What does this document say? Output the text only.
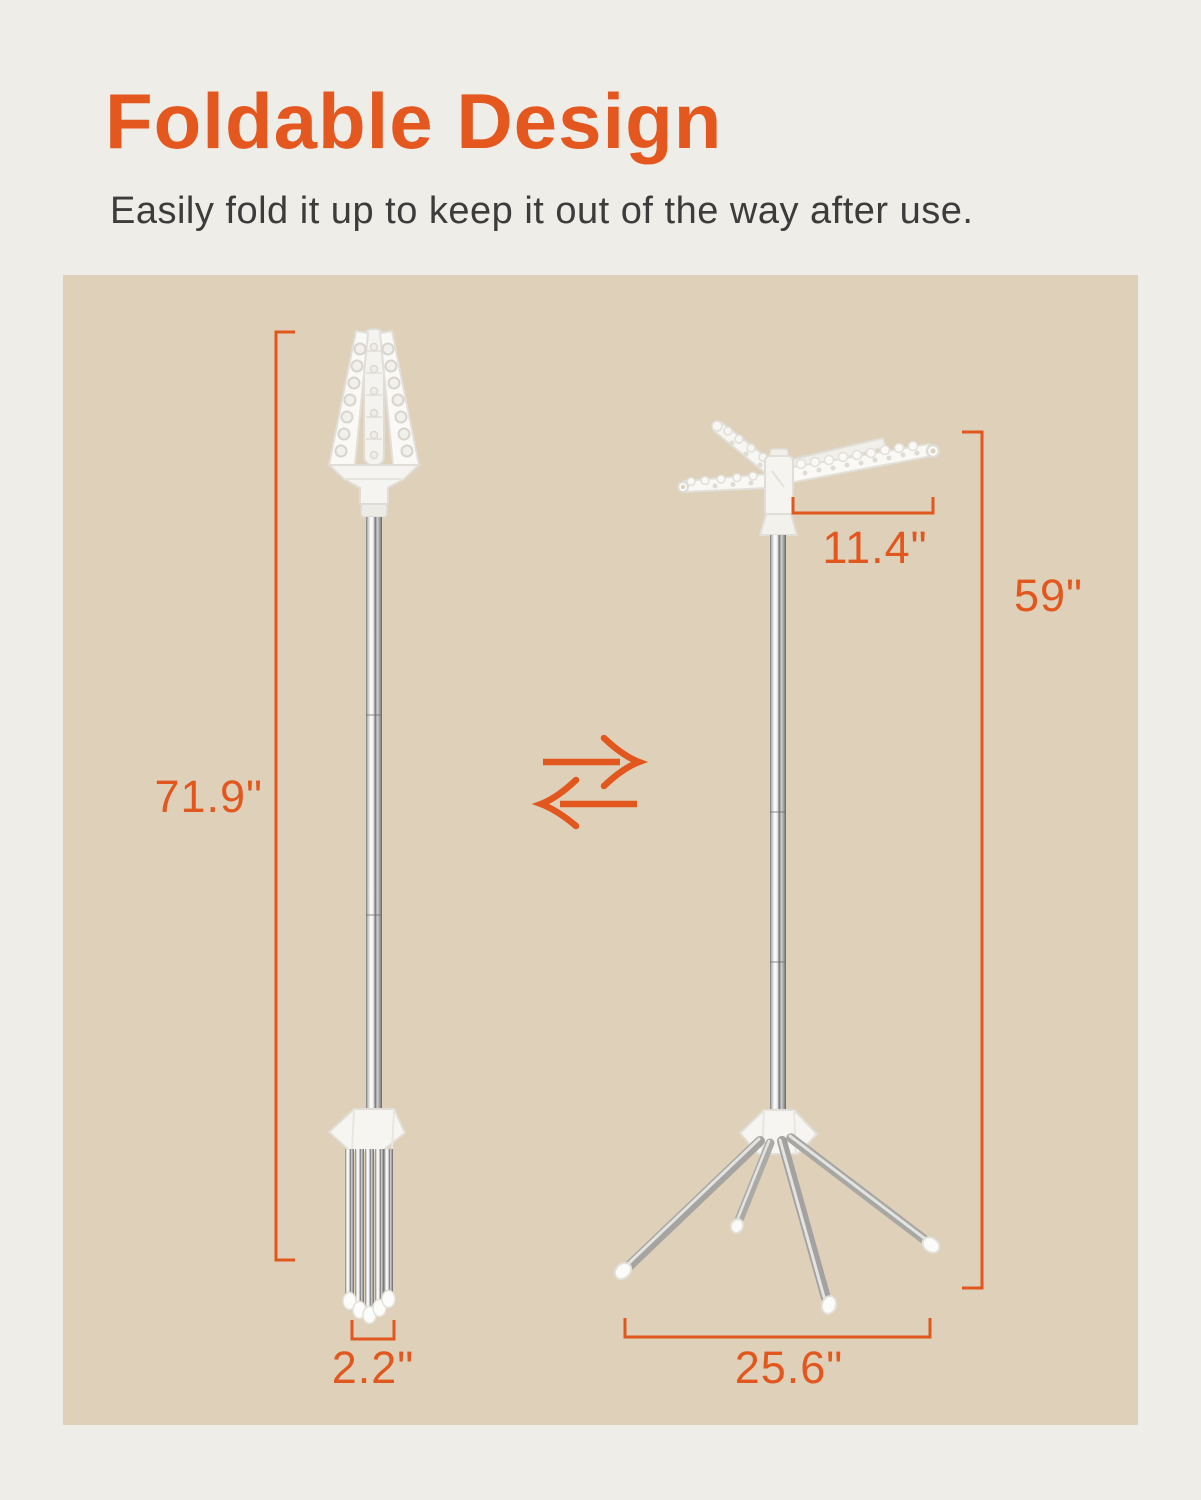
Foldable Design

Easily fold it up to keep it out of the way after use.

71.9"
2.2"
11.4"
59"
25.6"
